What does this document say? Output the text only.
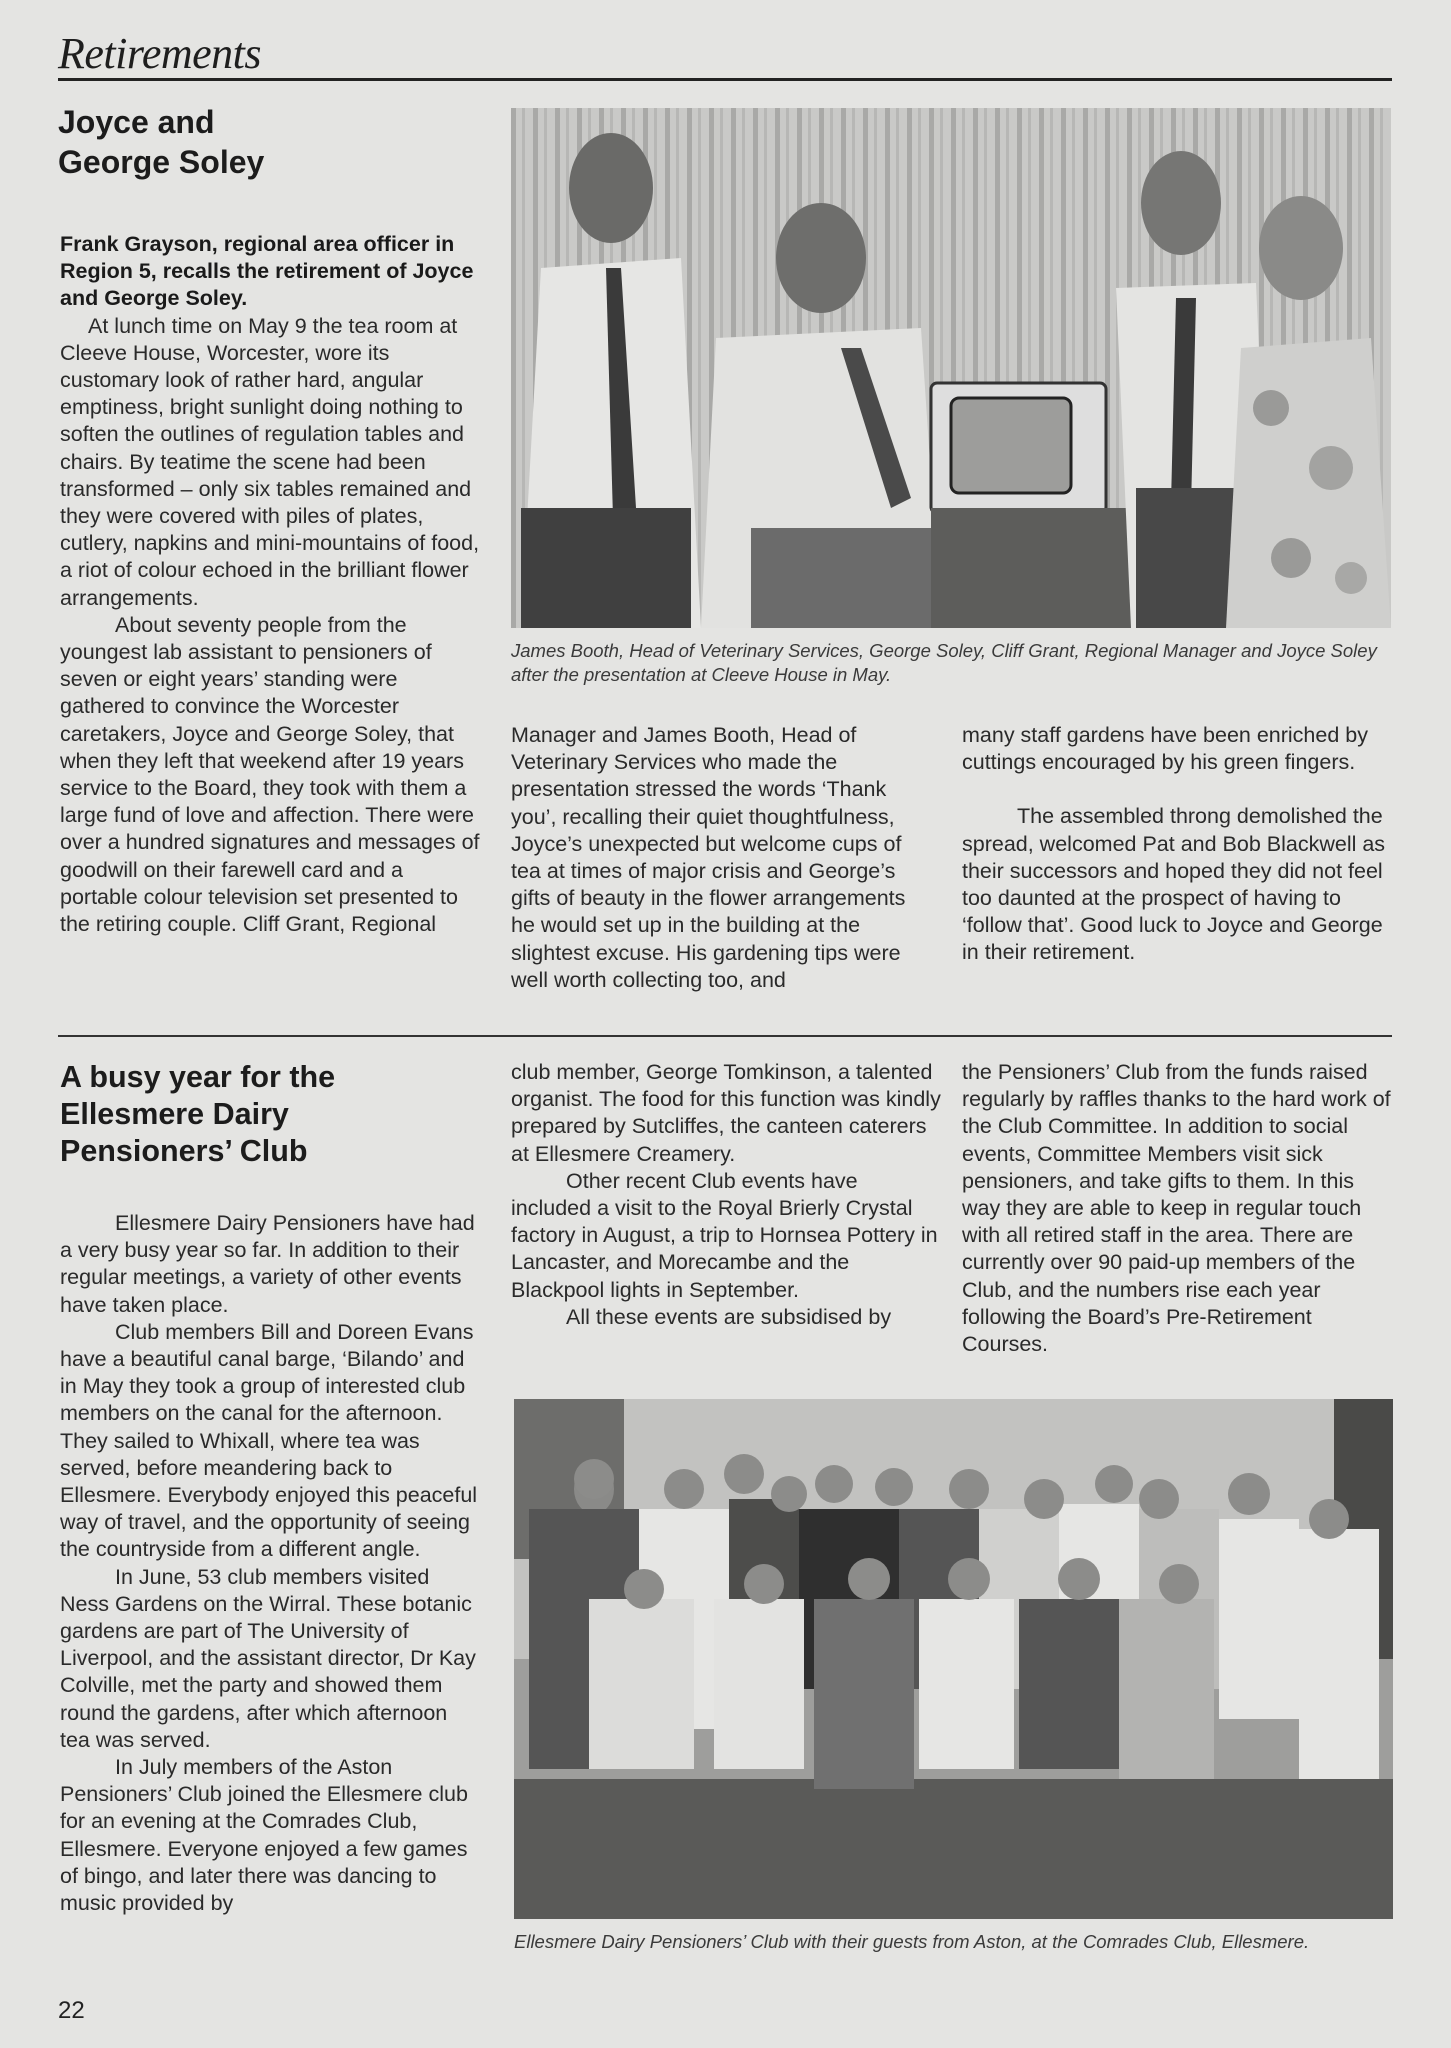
Retirements
Joyce and
George Soley

Frank Grayson, regional area officer in Region 5, recalls the retirement of Joyce and George Soley.

At lunch time on May 9 the tea room at Cleeve House, Worcester, wore its customary look of rather hard, angular emptiness, bright sunlight doing nothing to soften the outlines of regulation tables and chairs. By teatime the scene had been transformed – only six tables remained and they were covered with piles of plates, cutlery, napkins and mini-mountains of food, a riot of colour echoed in the brilliant flower arrangements.

About seventy people from the youngest lab assistant to pensioners of seven or eight years’ standing were gathered to convince the Worcester caretakers, Joyce and George Soley, that when they left that weekend after 19 years service to the Board, they took with them a large fund of love and affection. There were over a hundred signatures and messages of goodwill on their farewell card and a portable colour television set presented to the retiring couple. Cliff Grant, Regional

James Booth, Head of Veterinary Services, George Soley, Cliff Grant, Regional Manager and Joyce Soley after the presentation at Cleeve House in May.

Manager and James Booth, Head of Veterinary Services who made the presentation stressed the words ‘Thank you’, recalling their quiet thoughtfulness, Joyce’s unexpected but welcome cups of tea at times of major crisis and George’s gifts of beauty in the flower arrangements he would set up in the building at the slightest excuse. His gardening tips were well worth collecting too, and

many staff gardens have been enriched by cuttings encouraged by his green fingers.

The assembled throng demolished the spread, welcomed Pat and Bob Blackwell as their successors and hoped they did not feel too daunted at the prospect of having to ‘follow that’. Good luck to Joyce and George in their retirement.

A busy year for the
Ellesmere Dairy
Pensioners’ Club

Ellesmere Dairy Pensioners have had a very busy year so far. In addition to their regular meetings, a variety of other events have taken place.

Club members Bill and Doreen Evans have a beautiful canal barge, ‘Bilando’ and in May they took a group of interested club members on the canal for the afternoon. They sailed to Whixall, where tea was served, before meandering back to Ellesmere. Everybody enjoyed this peaceful way of travel, and the opportunity of seeing the countryside from a different angle.

In June, 53 club members visited Ness Gardens on the Wirral. These botanic gardens are part of The University of Liverpool, and the assistant director, Dr Kay Colville, met the party and showed them round the gardens, after which afternoon tea was served.

In July members of the Aston Pensioners’ Club joined the Ellesmere club for an evening at the Comrades Club, Ellesmere. Everyone enjoyed a few games of bingo, and later there was dancing to music provided by

club member, George Tomkinson, a talented organist. The food for this function was kindly prepared by Sutcliffes, the canteen caterers at Ellesmere Creamery.

Other recent Club events have included a visit to the Royal Brierly Crystal factory in August, a trip to Hornsea Pottery in Lancaster, and Morecambe and the Blackpool lights in September.

All these events are subsidised by

the Pensioners’ Club from the funds raised regularly by raffles thanks to the hard work of the Club Committee. In addition to social events, Committee Members visit sick pensioners, and take gifts to them. In this way they are able to keep in regular touch with all retired staff in the area. There are currently over 90 paid-up members of the Club, and the numbers rise each year following the Board’s Pre-Retirement Courses.

Ellesmere Dairy Pensioners’ Club with their guests from Aston, at the Comrades Club, Ellesmere.
22
